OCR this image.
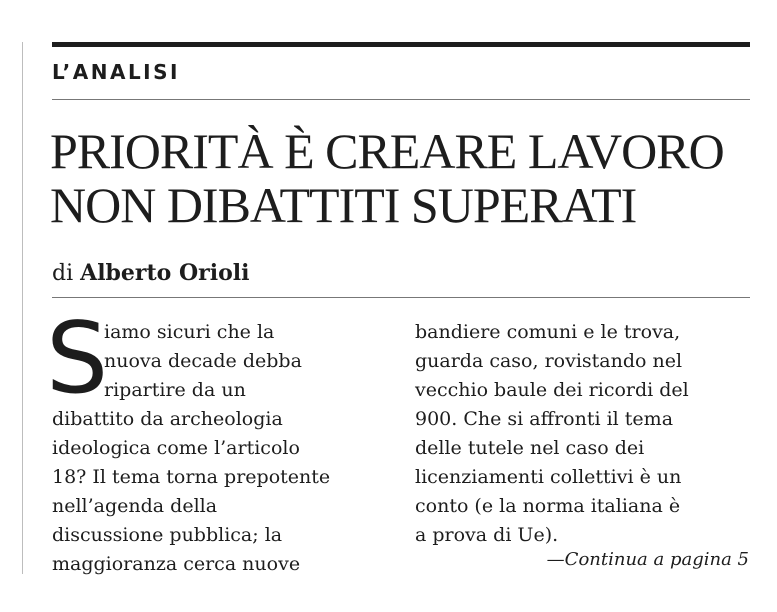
L’ANALISI

PRIORITÀ È CREARE LAVORO
NON DIBATTITI SUPERATI

di Alberto Orioli

S
iamo sicuri che la
nuova decade debba
ripartire da un
dibattito da archeologia
ideologica come l’articolo
18? Il tema torna prepotente
nell’agenda della
discussione pubblica; la
maggioranza cerca nuove
bandiere comuni e le trova,
guarda caso, rovistando nel
vecchio baule dei ricordi del
900. Che si affronti il tema
delle tutele nel caso dei
licenziamenti collettivi è un
conto (e la norma italiana è
a prova di Ue).
—Continua a pagina 5
